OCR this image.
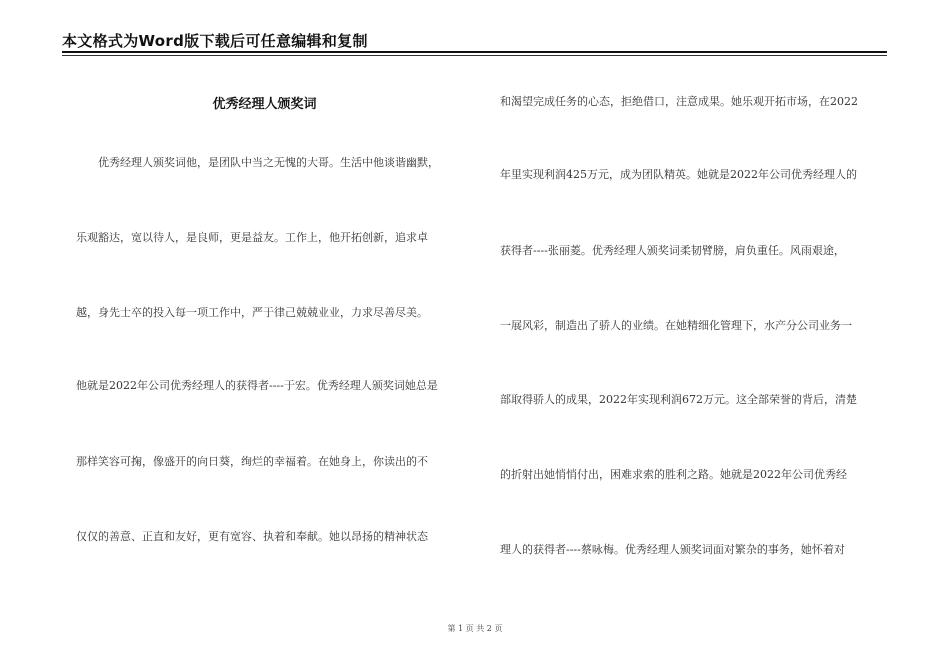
本文格式为Word版下载后可任意编辑和复制
优秀经理人颁奖词
优秀经理人颁奖词他，是团队中当之无愧的大哥。生活中他谈谐幽默，
乐观豁达，宽以待人，是良师，更是益友。工作上，他开拓创新，追求卓
越，身先士卒的投入每一项工作中，严于律己兢兢业业，力求尽善尽美。
他就是2022年公司优秀经理人的获得者----于宏。优秀经理人颁奖词她总是
那样笑容可掬，像盛开的向日葵，绚烂的幸福着。在她身上，你读出的不
仅仅的善意、正直和友好，更有宽容、执着和奉献。她以昂扬的精神状态
和渴望完成任务的心态，拒绝借口，注意成果。她乐观开拓市场，在2022
年里实现利润425万元，成为团队精英。她就是2022年公司优秀经理人的
获得者----张丽菱。优秀经理人颁奖词柔韧臂膀，肩负重任。风雨艰途，
一展风彩，制造出了骄人的业绩。在她精细化管理下，水产分公司业务一
部取得骄人的成果，2022年实现利润672万元。这全部荣誉的背后，清楚
的折射出她悄悄付出，困难求索的胜利之路。她就是2022年公司优秀经
理人的获得者----蔡咏梅。优秀经理人颁奖词面对繁杂的事务，她怀着对
第 1 页 共 2 页
